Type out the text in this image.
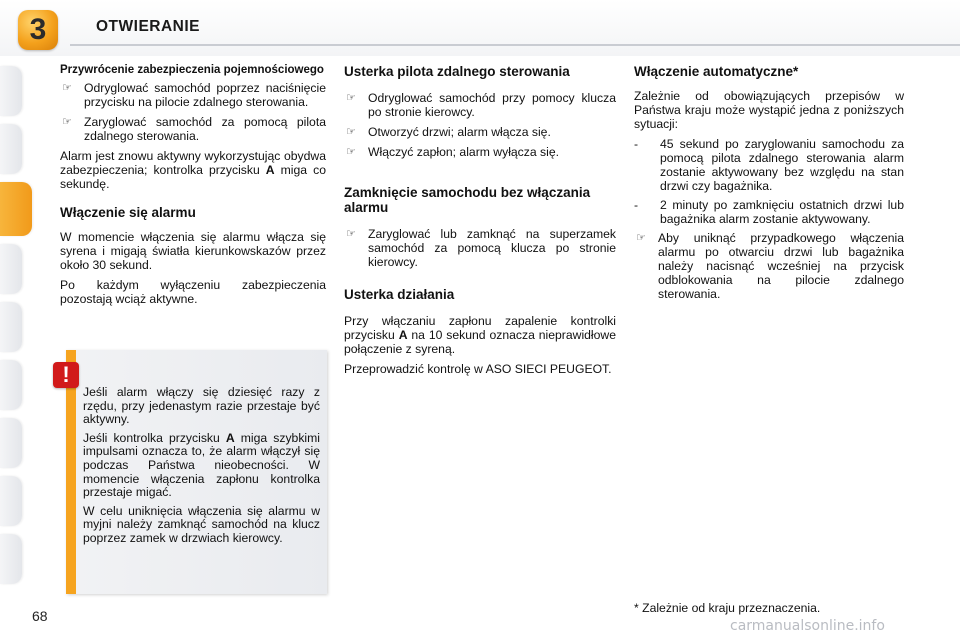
3	OTWIERANIE
Przywrócenie zabezpieczenia pojemnościowego
☞ Odryglować samochód poprzez naciśnięcie przycisku na pilocie zdalnego sterowania.
☞ Zaryglować samochód za pomocą pilota zdalnego sterowania.

Alarm jest znowu aktywny wykorzystując obydwa zabezpieczenia; kontrolka przycisku A miga co sekundę.

Włączenie się alarmu

W momencie włączenia się alarmu włącza się syrena i migają światła kierunkowskazów przez około 30 sekund.

Po każdym wyłączeniu zabezpieczenia pozostają wciąż aktywne.

!

Jeśli alarm włączy się dziesięć razy z rzędu, przy jedenastym razie przestaje być aktywny.

Jeśli kontrolka przycisku A miga szybkimi impulsami oznacza to, że alarm włączył się podczas Państwa nieobecności. W momencie włączenia zapłonu kontrolka przestaje migać.

W celu uniknięcia włączenia się alarmu w myjni należy zamknąć samochód na klucz poprzez zamek w drzwiach kierowcy.

Usterka pilota zdalnego sterowania
☞ Odryglować samochód przy pomocy klucza po stronie kierowcy.
☞ Otworzyć drzwi; alarm włącza się.
☞ Włączyć zapłon; alarm wyłącza się.
Zamknięcie samochodu bez włączania alarmu
☞ Zaryglować lub zamknąć na superzamek samochód za pomocą klucza po stronie kierowcy.
Usterka działania

Przy włączaniu zapłonu zapalenie kontrolki przycisku A na 10 sekund oznacza nieprawidłowe połączenie z syreną.

Przeprowadzić kontrolę w ASO SIECI PEUGEOT.

Włączenie automatyczne*

Zależnie od obowiązujących przepisów w Państwa kraju może wystąpić jedna z poniższych sytuacji:

- 45 sekund po zaryglowaniu samochodu za pomocą pilota zdalnego sterowania alarm zostanie aktywowany bez względu na stan drzwi czy bagażnika.
- 2 minuty po zamknięciu ostatnich drzwi lub bagażnika alarm zostanie aktywowany.
☞ Aby uniknąć przypadkowego włączenia alarmu po otwarciu drzwi lub bagażnika należy nacisnąć wcześniej na przycisk odblokowania na pilocie zdalnego sterowania.
* Zależnie od kraju przeznaczenia.
68
carmanualsonline.info
